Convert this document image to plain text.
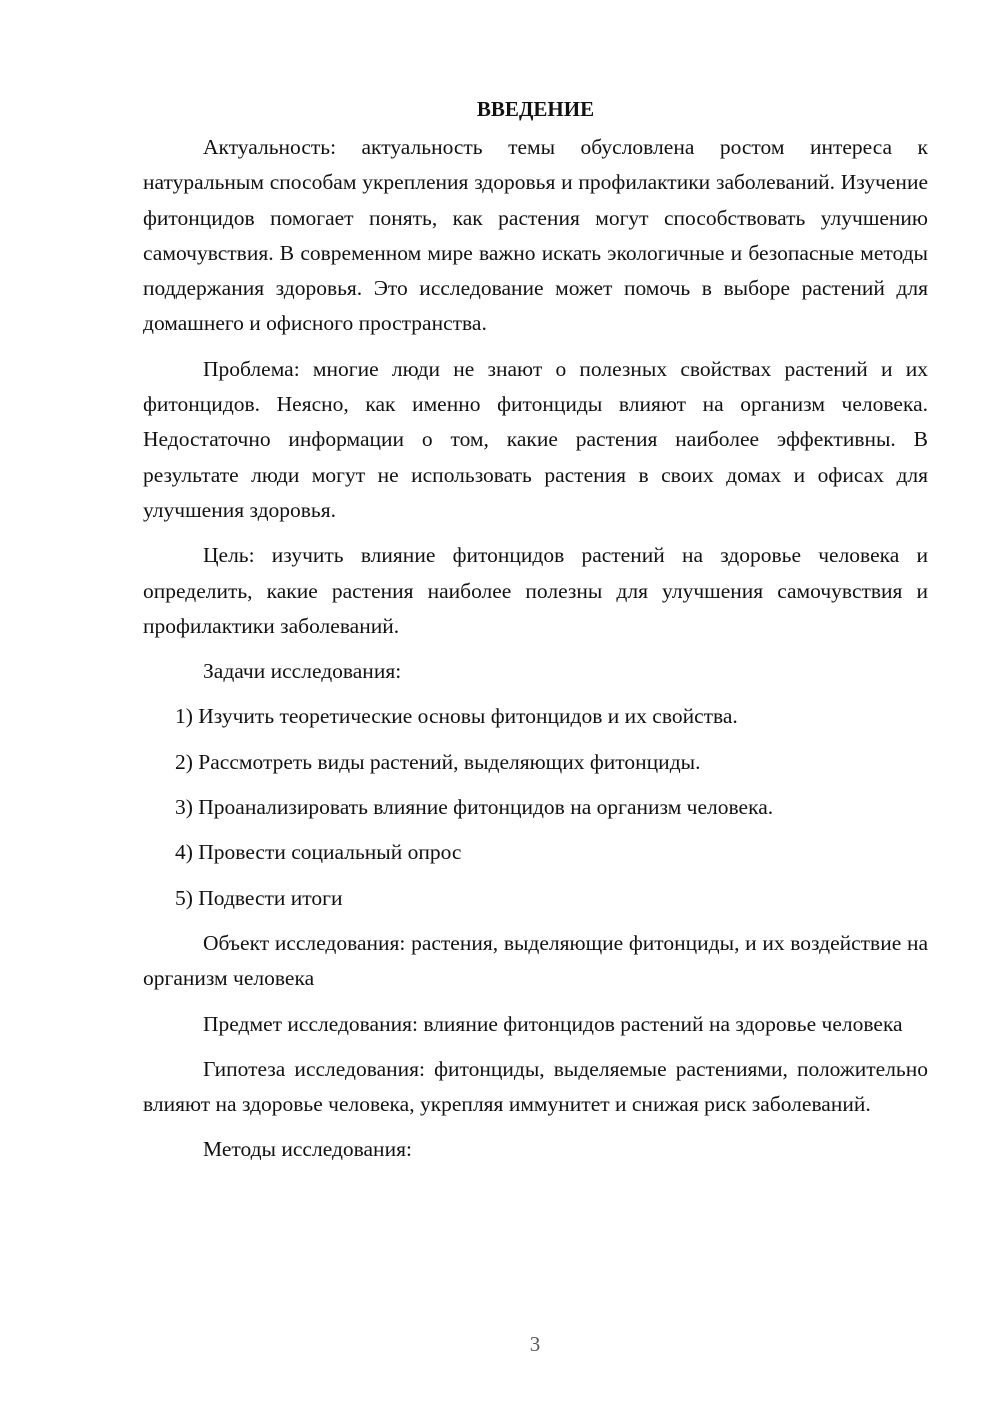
ВВЕДЕНИЕ

Актуальность: актуальность темы обусловлена ростом интереса к натуральным способам укрепления здоровья и профилактики заболеваний. Изучение фитонцидов помогает понять, как растения могут способствовать улучшению самочувствия. В современном мире важно искать экологичные и безопасные методы поддержания здоровья. Это исследование может помочь в выборе растений для домашнего и офисного пространства.

Проблема: многие люди не знают о полезных свойствах растений и их фитонцидов. Неясно, как именно фитонциды влияют на организм человека. Недостаточно информации о том, какие растения наиболее эффективны. В результате люди могут не использовать растения в своих домах и офисах для улучшения здоровья.

Цель: изучить влияние фитонцидов растений на здоровье человека и определить, какие растения наиболее полезны для улучшения самочувствия и профилактики заболеваний.

Задачи исследования:

1) Изучить теоретические основы фитонцидов и их свойства.
2) Рассмотреть виды растений, выделяющих фитонциды.
3) Проанализировать влияние фитонцидов на организм человека.
4) Провести социальный опрос
5) Подвести итоги

Объект исследования: растения, выделяющие фитонциды, и их воздействие на организм человека

Предмет исследования: влияние фитонцидов растений на здоровье человека

Гипотеза исследования: фитонциды, выделяемые растениями, положительно влияют на здоровье человека, укрепляя иммунитет и снижая риск заболеваний.

Методы исследования:

3
